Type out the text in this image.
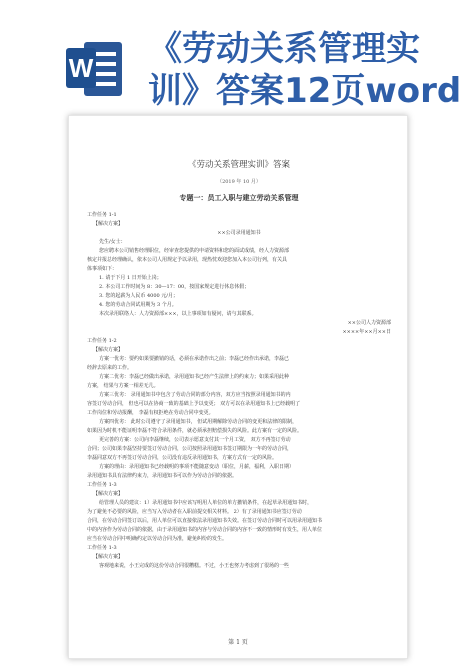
W 《劳动关系管理实
训》答案12页word
《劳动关系管理实训》答案
（2019 年 10 月）
专题一：员工入职与建立劳动关系管理
工作任务 1-1
【解决方案】
××公司录用通知书
先生/女士：
您应聘本公司销售经理职位，经审查您提供的申请资料和您的面试成绩，经人力资源部
核定并报总经理确认，依本公司人用规定予以录用，现热忱欢迎您加入本公司行列，有关具
体事项如下：
1. 请于下月 1 日开始上岗；
2. 本公司工作时间为 8：30—17：00，按国家规定进行休息休假；
3. 您的起薪为人民币 4000 元/月；
4. 您的劳动合同试用期为 3 个月。
本次录用联络人：人力资源部×××，以上事项如有疑问，请与其联系。
××公司人力资源部
××××年××月××日
工作任务 1-2
【解决方案】
方案一优劣：要约如果要撤销的话，必须在承诺作出之前；李磊已经作出承诺，李磊已
经辞去原来的工作。
方案二优劣：李磊已经做出承诺，录用通知书已经产生法律上的约束力；如果采用此种
方案， 结果与方案一相差无几。
方案三优劣： 录用通知书中包含了劳动合同的部分内容，双方应当按照录用通知书的内
容签订劳动合同， 但也可以在协商一致的基础上予以变更； 双方可以在录用通知书上已经载明了
工作岗位和劳动报酬， 李磊有权拒绝在劳动合同中变更。
方案四优劣： 此时公司遵守了录用通知书， 但试用期解除劳动合同的变更和法律的限制，
如果因为时机不能证明李磊不符合录用条件，就必须承担赔偿损失的风险。此方案有一定的风险。
更完善的方案：公司向李磊继续，公司表示愿意支付其一个月工资， 双方不再签订劳动
合同；公司如果李磊坚持要签订劳动合同，公司按照录用通知书签订期限为一年的劳动合同，
李磊同意双方不再签订劳动合同，公司没有违反录用通知书，方案方式有一定的风险。
方案的理由：录用通知书已经载明的事项不能随意变动（职位，月薪，福利，入职日期）
录用通知书具有法律约束力，录用通知书可以作为劳动合同的依据。
工作任务 1-3
【解决方案】
给管理人员的建议：1）录用通知书中应该写明用人单位的单方撤销条件，在起草录用通知书时，
为了避免不必要的风险，应当写入劳动者在入职前提交相关材料。 2）有了录用通知书应签订劳动
合同，在劳动合同签订以后，用人单位可以直接依法录用通知书失效。在签订劳动合同时可以用录用通知书
中的内容作为劳动合同的依据，由于录用通知书的内容与劳动合同的内容不一致的情形时有发生，用人单位
应当在劳动合同中明确约定以劳动合同为准，避免纠纷的发生。
工作任务 1-3
【解决方案】
客观地来说，小王完成的这份劳动合同很糟糕。不过，小王也努力考虑到了很场的一些
第 1 页
